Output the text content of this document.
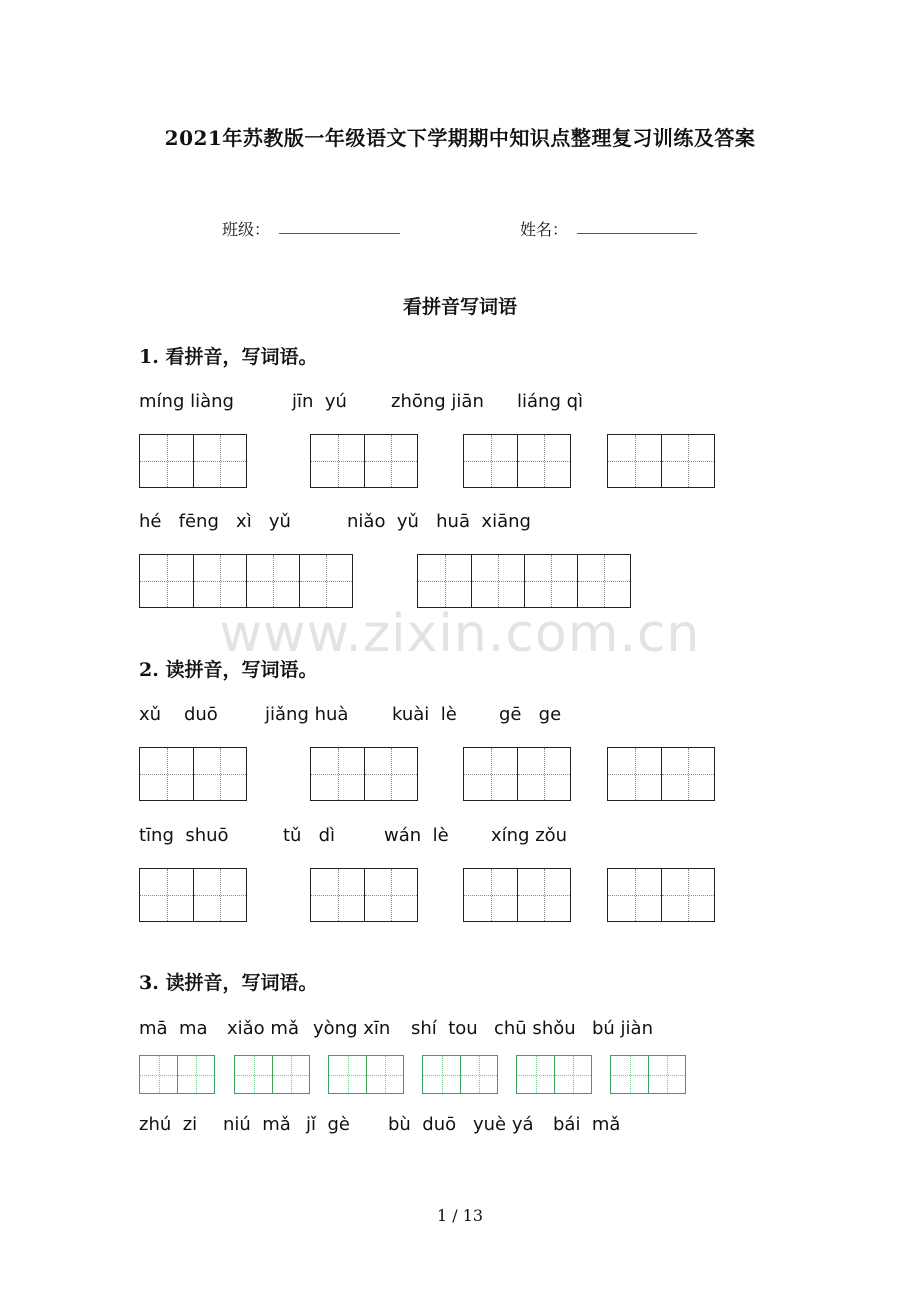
2021年苏教版一年级语文下学期期中知识点整理复习训练及答案
班级：	姓名：
看拼音写词语
www.zixin.com.cn
1. 看拼音，写词语。
míng liàng	jīn  yú zhōng jiān liáng qì
hé   fēng   xì   yǔ	niǎo  yǔ   huā  xiāng
2. 读拼音，写词语。
xǔ    duō	jiǎng huà kuài  lè gē   ge
tīng  shuō	tǔ   dì	wán  lè xíng zǒu
3. 读拼音，写词语。
mā  ma xiǎo mǎ yòng xīn shí  tou chū shǒu bú jiàn
zhú  zi niú  mǎ jǐ  gè bù  duō yuè yá bái  mǎ
1 / 13
